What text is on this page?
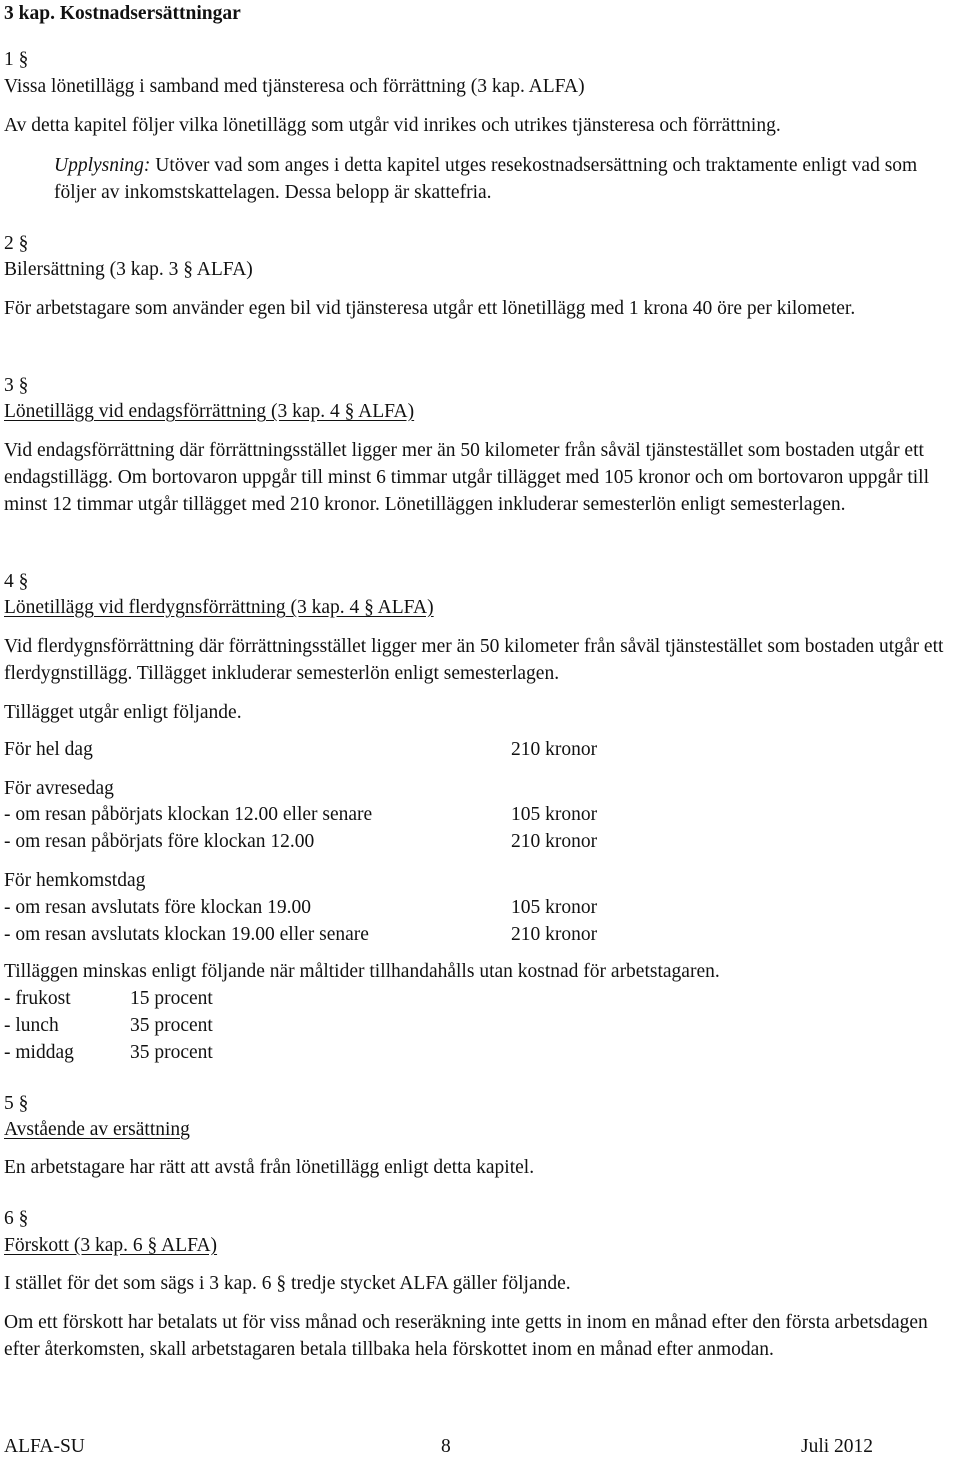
3 kap. Kostnadsersättningar
1 §
Vissa lönetillägg i samband med tjänsteresa och förrättning (3 kap. ALFA)
Av detta kapitel följer vilka lönetillägg som utgår vid inrikes och utrikes tjänsteresa och förrättning.
Upplysning: Utöver vad som anges i detta kapitel utges resekostnadsersättning och traktamente enligt vad som följer av inkomstskattelagen. Dessa belopp är skattefria.
2 §
Bilersättning (3 kap. 3 § ALFA)
För arbetstagare som använder egen bil vid tjänsteresa utgår ett lönetillägg med 1 krona 40 öre per kilometer.
3 §
Lönetillägg vid endagsförrättning (3 kap. 4 § ALFA)
Vid endagsförrättning där förrättningsstället ligger mer än 50 kilometer från såväl tjänstestället som bostaden utgår ett endagstillägg. Om bortovaron uppgår till minst 6 timmar utgår tillägget med 105 kronor och om bortovaron uppgår till minst 12 timmar utgår tillägget med 210 kronor. Lönetilläggen inkluderar semesterlön enligt semesterlagen.
4 §
Lönetillägg vid flerdygnsförrättning (3 kap. 4 § ALFA)
Vid flerdygnsförrättning där förrättningsstället ligger mer än 50 kilometer från såväl tjänstestället som bostaden utgår ett flerdygnstillägg. Tillägget inkluderar semesterlön enligt semesterlagen.
Tillägget utgår enligt följande.
För hel dag	210 kronor
För avresedag
- om resan påbörjats klockan 12.00 eller senare	105 kronor
- om resan påbörjats före klockan 12.00	210 kronor
För hemkomstdag
- om resan avslutats före klockan 19.00	105 kronor
- om resan avslutats klockan 19.00 eller senare	210 kronor
Tilläggen minskas enligt följande när måltider tillhandahålls utan kostnad för arbetstagaren.
- frukost	15 procent
- lunch	35 procent
- middag	35 procent
5 §
Avstående av ersättning
En arbetstagare har rätt att avstå från lönetillägg enligt detta kapitel.
6 §
Förskott (3 kap. 6 § ALFA)
I stället för det som sägs i 3 kap. 6 § tredje stycket ALFA gäller följande.
Om ett förskott har betalats ut för viss månad och reseräkning inte getts in inom en månad efter den första arbetsdagen efter återkomsten, skall arbetstagaren betala tillbaka hela förskottet inom en månad efter anmodan.
ALFA-SU	8	Juli 2012
